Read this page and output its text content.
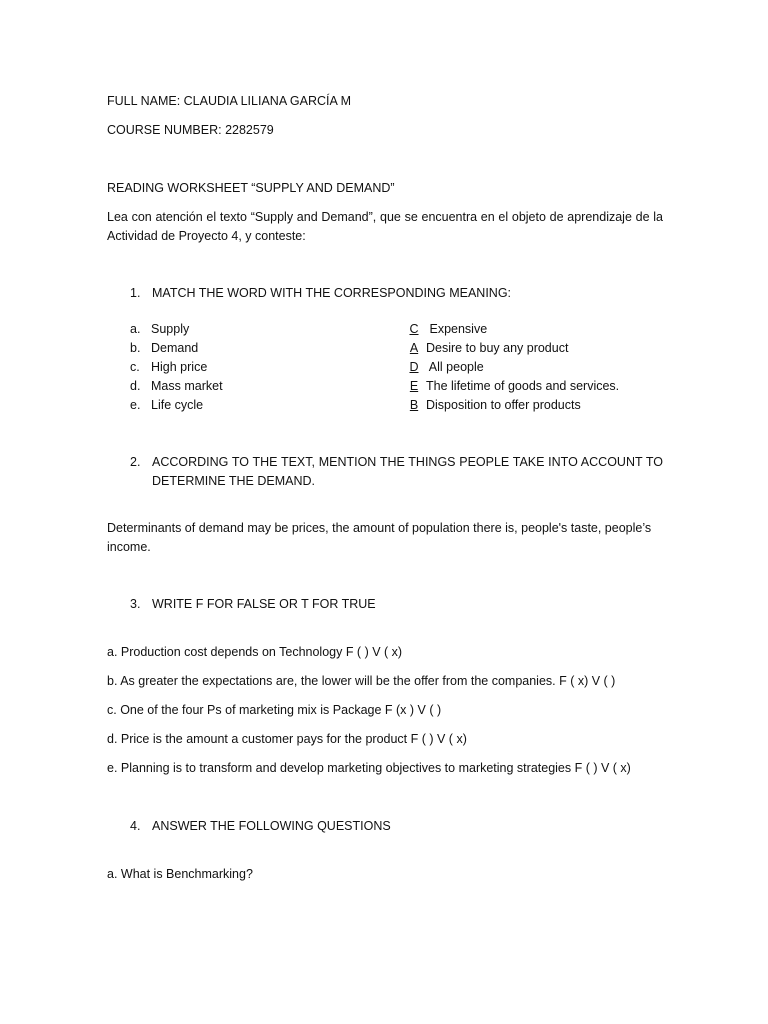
FULL NAME: CLAUDIA LILIANA GARCÍA M
COURSE NUMBER: 2282579
READING WORKSHEET “SUPPLY AND DEMAND”
Lea con atención el texto “Supply and Demand”, que se encuentra en el objeto de aprendizaje de la Actividad de Proyecto 4, y conteste:
1. MATCH THE WORD WITH THE CORRESPONDING MEANING:
a. Supply
b. Demand
c. High price
d. Mass market
e. Life cycle
C Expensive
A Desire to buy any product
D All people
E The lifetime of goods and services.
B Disposition to offer products
2. ACCORDING TO THE TEXT, MENTION THE THINGS PEOPLE TAKE INTO ACCOUNT TO DETERMINE THE DEMAND.
Determinants of demand may be prices, the amount of population there is, people's taste, people’s income.
3. WRITE F FOR FALSE OR T FOR TRUE
a. Production cost depends on Technology F ( ) V ( x)
b. As greater the expectations are, the lower will be the offer from the companies. F ( x) V ( )
c. One of the four Ps of marketing mix is Package F (x ) V ( )
d. Price is the amount a customer pays for the product F ( ) V ( x)
e. Planning is to transform and develop marketing objectives to marketing strategies F ( ) V ( x)
4. ANSWER THE FOLLOWING QUESTIONS
a. What is Benchmarking?
